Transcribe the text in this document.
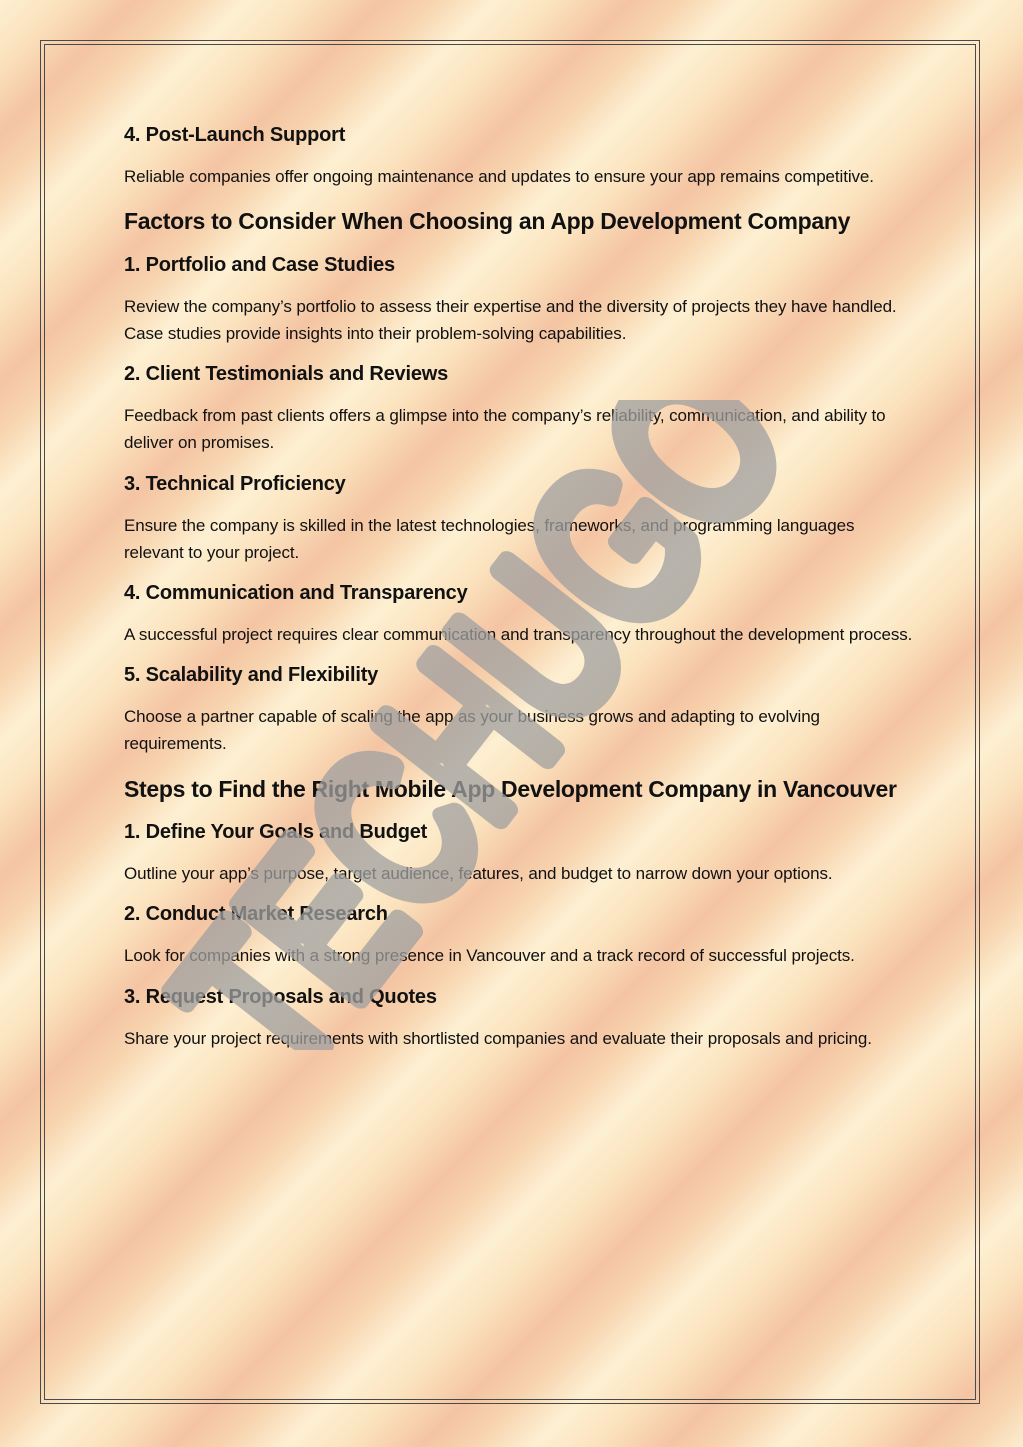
4. Post-Launch Support

Reliable companies offer ongoing maintenance and updates to ensure your app remains competitive.

Factors to Consider When Choosing an App Development Company
1. Portfolio and Case Studies

Review the company’s portfolio to assess their expertise and the diversity of projects they have handled. Case studies provide insights into their problem-solving capabilities.

2. Client Testimonials and Reviews

Feedback from past clients offers a glimpse into the company’s reliability, communication, and ability to deliver on promises.

3. Technical Proficiency

Ensure the company is skilled in the latest technologies, frameworks, and programming languages relevant to your project.

4. Communication and Transparency

A successful project requires clear communication and transparency throughout the development process.

5. Scalability and Flexibility

Choose a partner capable of scaling the app as your business grows and adapting to evolving requirements.

Steps to Find the Right Mobile App Development Company in Vancouver
1. Define Your Goals and Budget

Outline your app’s purpose, target audience, features, and budget to narrow down your options.

2. Conduct Market Research

Look for companies with a strong presence in Vancouver and a track record of successful projects.

3. Request Proposals and Quotes

Share your project requirements with shortlisted companies and evaluate their proposals and pricing.

TECHUGO
